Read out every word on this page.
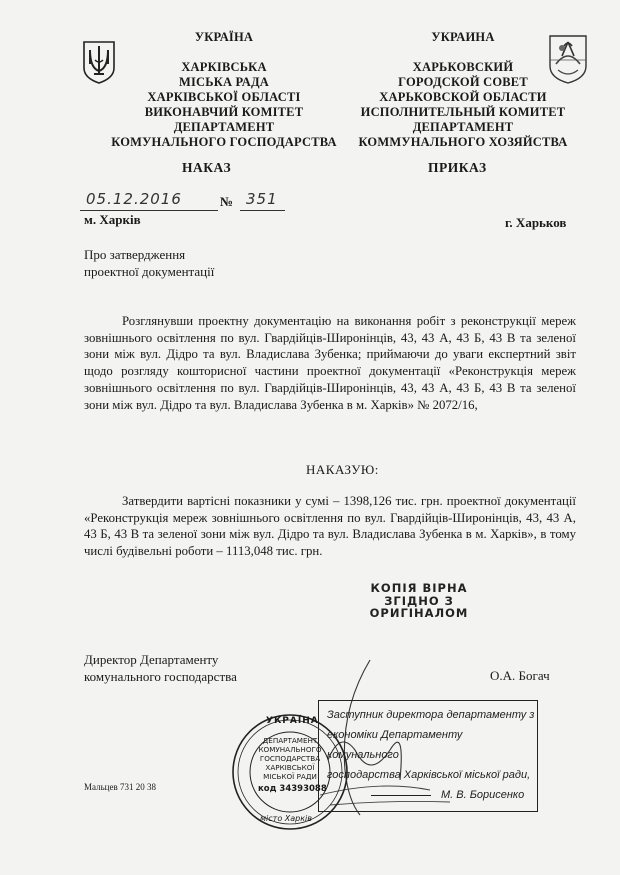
УКРАЇНА
ХАРКІВСЬКА
МІСЬКА РАДА
ХАРКІВСЬКОЇ ОБЛАСТІ
ВИКОНАВЧИЙ КОМІТЕТ
ДЕПАРТАМЕНТ
КОМУНАЛЬНОГО ГОСПОДАРСТВА
УКРАИНА
ХАРЬКОВСКИЙ
ГОРОДСКОЙ СОВЕТ
ХАРЬКОВСКОЙ ОБЛАСТИ
ИСПОЛНИТЕЛЬНЫЙ КОМИТЕТ
ДЕПАРТАМЕНТ
КОММУНАЛЬНОГО ХОЗЯЙСТВА
НАКАЗ	ПРИКАЗ
05.12.2016	№ 351
м. Харків	г. Харьков
Про затвердження
проектної документації
Розглянувши проектну документацію на виконання робіт з реконструкції мереж зовнішнього освітлення по вул. Гвардійців-Широнінців, 43, 43 А, 43 Б, 43 В та зеленої зони між вул. Дідро та вул. Владислава Зубенка; приймаючи до уваги експертний звіт щодо розгляду кошторисної частини проектної документації «Реконструкція мереж зовнішнього освітлення по вул. Гвардійців-Широнінців, 43, 43 А, 43 Б, 43 В та зеленої зони між вул. Дідро та вул. Владислава Зубенка в м. Харків» № 2072/16,
НАКАЗУЮ:
Затвердити вартісні показники у сумі – 1398,126 тис. грн. проектної документації «Реконструкція мереж зовнішнього освітлення по вул. Гвардійців-Широнінців, 43, 43 А, 43 Б, 43 В та зеленої зони між вул. Дідро та вул. Владислава Зубенка в м. Харків», в тому числі будівельні роботи – 1113,048 тис. грн.
КОПІЯ ВІРНА
ЗГІДНО З
ОРИГІНАЛОМ
Директор Департаменту
комунального господарства	О.А. Богач
УКРАЇНА
ДЕПАРТАМЕНТ
КОМУНАЛЬНОГО
ГОСПОДАРСТВА
ХАРКІВСЬКОЇ
МІСЬКОЇ РАДИ
код 34393088
місто Харків
Заступник директора департаменту з
економіки Департаменту комунального
господарства Харківської міської ради,
М. В. Борисенко
Мальцев 731 20 38
